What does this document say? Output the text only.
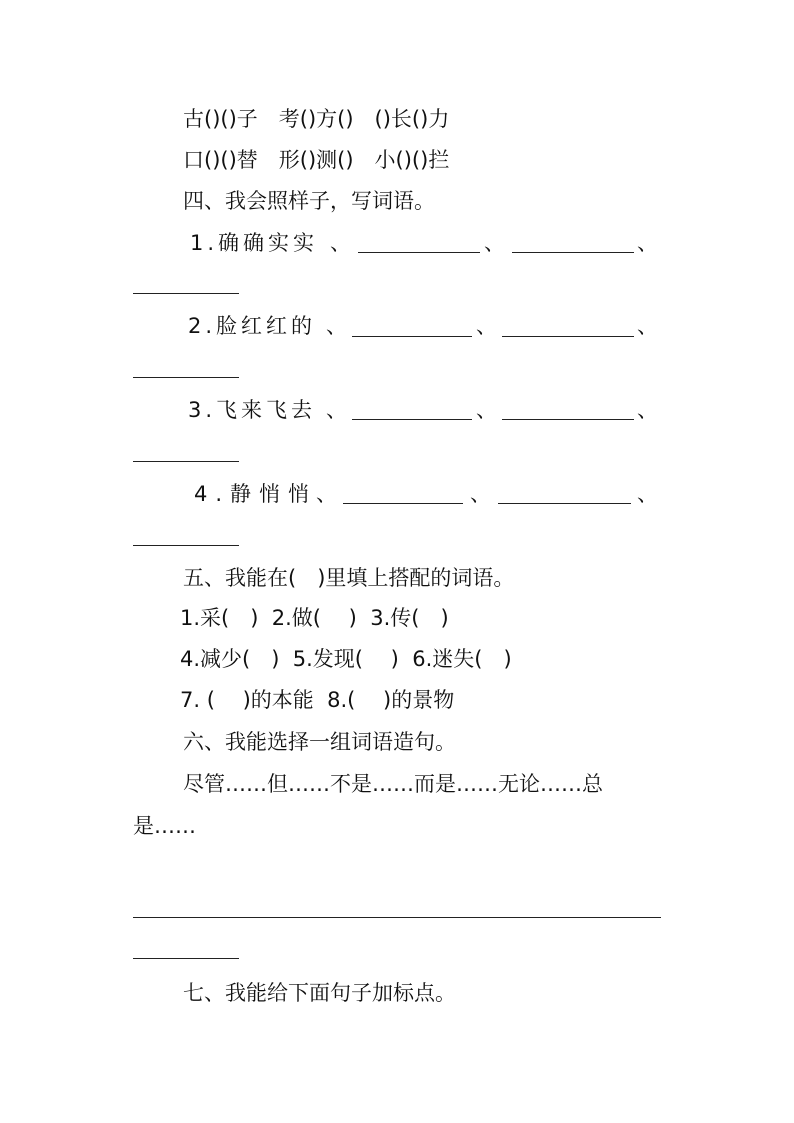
古()()子　考()方()　()长()力
口()()替　形()测()　小()()拦
四、我会照样子，写词语。
1.确确实实 、	、	、
2.脸红红的 、	、	、
3.飞来飞去 、	、	、
4.静悄悄
、	、	、
五、我能在(　)里填上搭配的词语。
1.采(　)  2.做(　 )  3.传(　)
4.减少(　)  5.发现(　 )  6.迷失(　)
7. (　 )的本能  8.(　 )的景物
六、我能选择一组词语造句。
尽管……但……不是……而是……无论……总
是……
七、我能给下面句子加标点。
